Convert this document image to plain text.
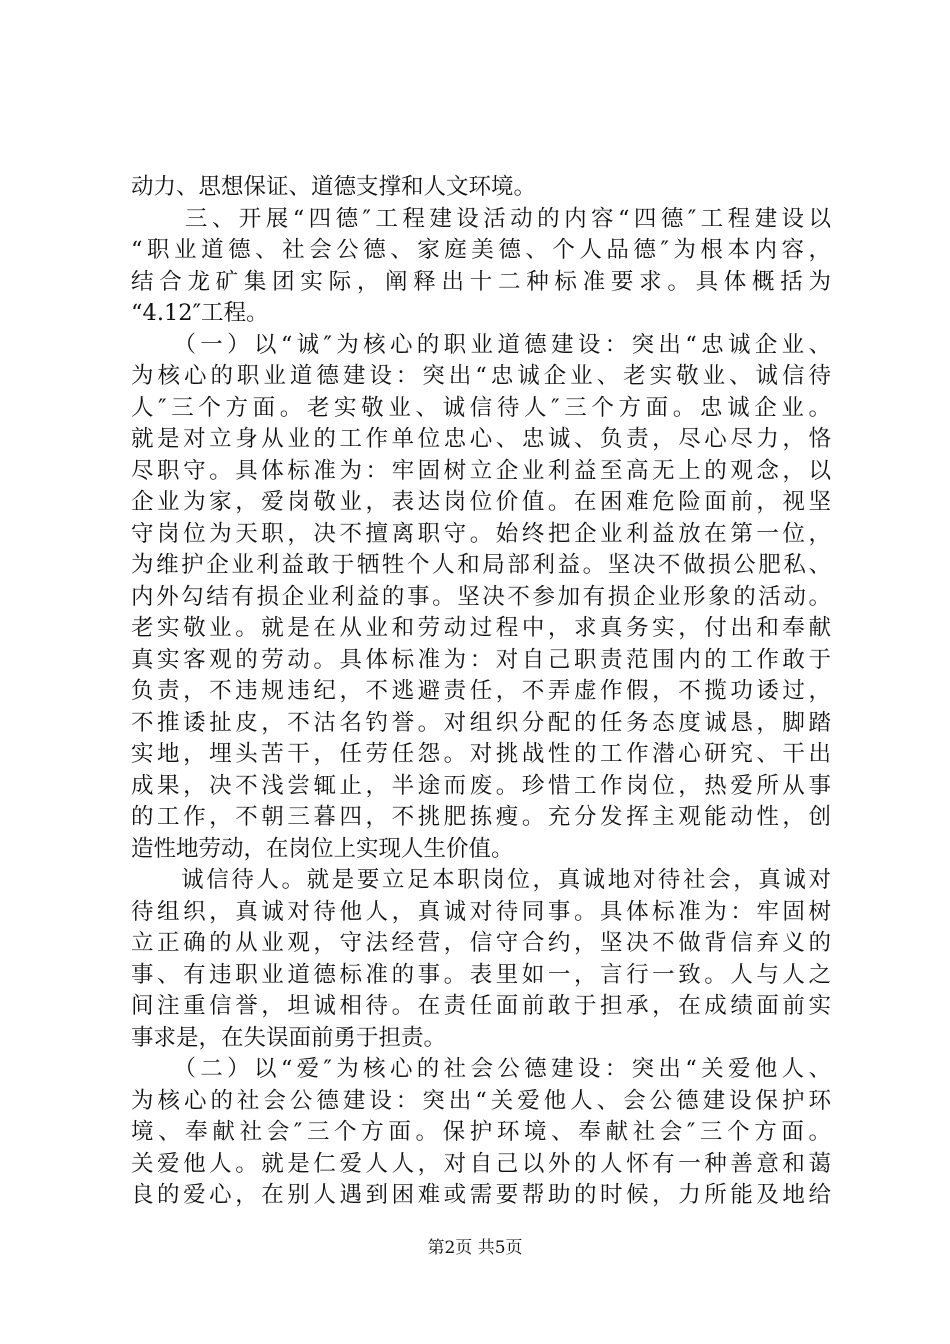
动力、思想保证、道德支撑和人文环境。
　　三、开展“四德″工程建设活动的内容“四德″工程建设以
“职业道德、社会公德、家庭美德、个人品德″为根本内容，
结合龙矿集团实际，阐释出十二种标准要求。具体概括为
“4.12″工程。
　　（一）以“诚″为核心的职业道德建设：突出“忠诚企业、
为核心的职业道德建设：突出“忠诚企业、老实敬业、诚信待
人″三个方面。老实敬业、诚信待人″三个方面。忠诚企业。
就是对立身从业的工作单位忠心、忠诚、负责，尽心尽力，恪
尽职守。具体标准为：牢固树立企业利益至高无上的观念，以
企业为家，爱岗敬业，表达岗位价值。在困难危险面前，视坚
守岗位为天职，决不擅离职守。始终把企业利益放在第一位，
为维护企业利益敢于牺牲个人和局部利益。坚决不做损公肥私、
内外勾结有损企业利益的事。坚决不参加有损企业形象的活动。
老实敬业。就是在从业和劳动过程中，求真务实，付出和奉献
真实客观的劳动。具体标准为：对自己职责范围内的工作敢于
负责，不违规违纪，不逃避责任，不弄虚作假，不揽功诿过，
不推诿扯皮，不沽名钓誉。对组织分配的任务态度诚恳，脚踏
实地，埋头苦干，任劳任怨。对挑战性的工作潜心研究、干出
成果，决不浅尝辄止，半途而废。珍惜工作岗位，热爱所从事
的工作，不朝三暮四，不挑肥拣瘦。充分发挥主观能动性，创
造性地劳动，在岗位上实现人生价值。
　　诚信待人。就是要立足本职岗位，真诚地对待社会，真诚对
待组织，真诚对待他人，真诚对待同事。具体标准为：牢固树
立正确的从业观，守法经营，信守合约，坚决不做背信弃义的
事、有违职业道德标准的事。表里如一，言行一致。人与人之
间注重信誉，坦诚相待。在责任面前敢于担承，在成绩面前实
事求是，在失误面前勇于担责。
　　（二）以“爱″为核心的社会公德建设：突出“关爱他人、
为核心的社会公德建设：突出“关爱他人、会公德建设保护环
境、奉献社会″三个方面。保护环境、奉献社会″三个方面。
关爱他人。就是仁爱人人，对自己以外的人怀有一种善意和蔼
良的爱心，在别人遇到困难或需要帮助的时候，力所能及地给
第2页 共5页
